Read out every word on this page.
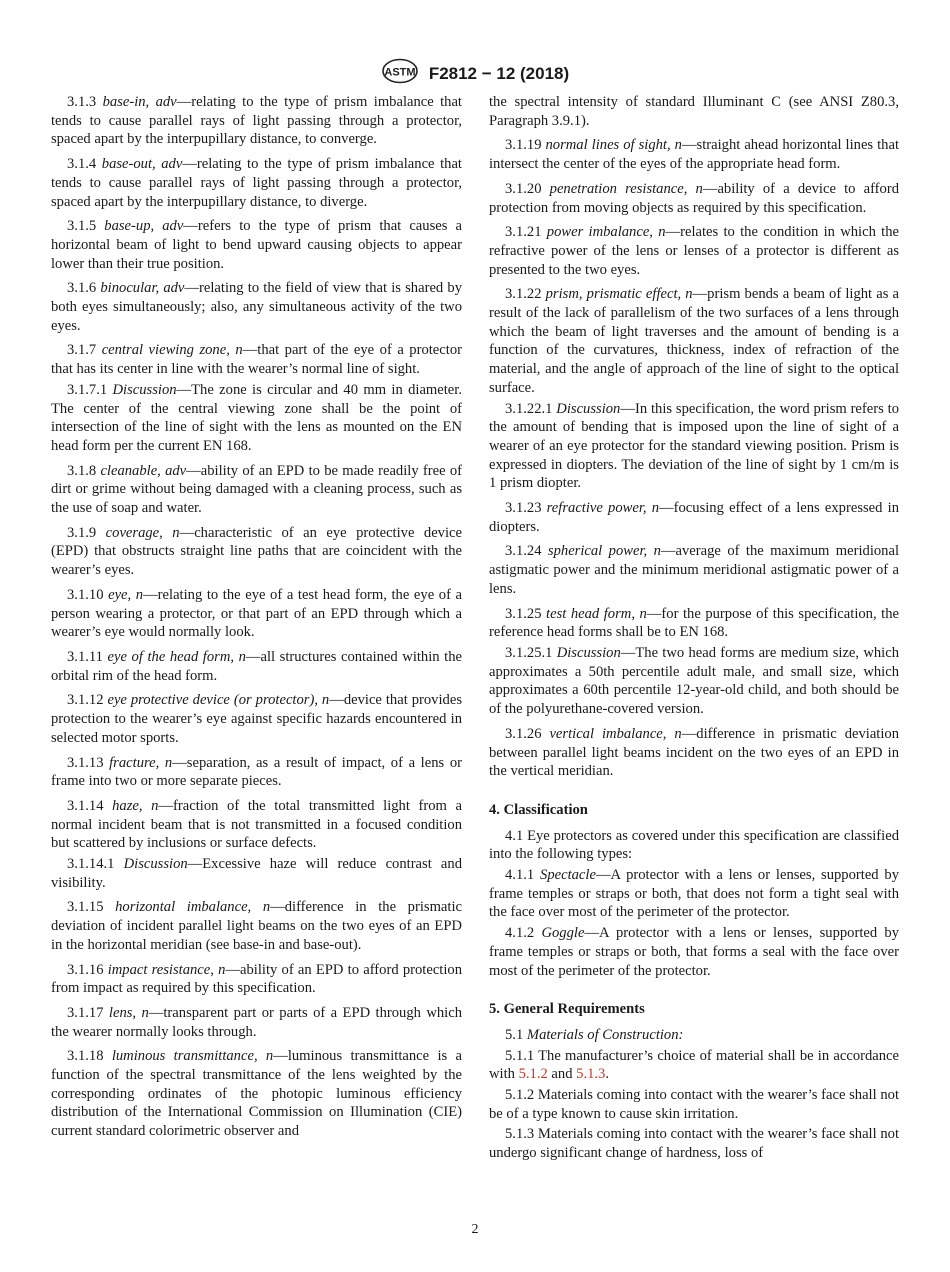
ASTM F2812 − 12 (2018)

3.1.3 base-in, adv—relating to the type of prism imbalance that tends to cause parallel rays of light passing through a protector, spaced apart by the interpupillary distance, to converge.

3.1.4 base-out, adv—relating to the type of prism imbalance that tends to cause parallel rays of light passing through a protector, spaced apart by the interpupillary distance, to diverge.

3.1.5 base-up, adv—refers to the type of prism that causes a horizontal beam of light to bend upward causing objects to appear lower than their true position.

3.1.6 binocular, adv—relating to the field of view that is shared by both eyes simultaneously; also, any simultaneous activity of the two eyes.

3.1.7 central viewing zone, n—that part of the eye of a protector that has its center in line with the wearer’s normal line of sight.

3.1.7.1 Discussion—The zone is circular and 40 mm in diameter. The center of the central viewing zone shall be the point of intersection of the line of sight with the lens as mounted on the EN head form per the current EN 168.

3.1.8 cleanable, adv—ability of an EPD to be made readily free of dirt or grime without being damaged with a cleaning process, such as the use of soap and water.

3.1.9 coverage, n—characteristic of an eye protective device (EPD) that obstructs straight line paths that are coincident with the wearer’s eyes.

3.1.10 eye, n—relating to the eye of a test head form, the eye of a person wearing a protector, or that part of an EPD through which a wearer’s eye would normally look.

3.1.11 eye of the head form, n—all structures contained within the orbital rim of the head form.

3.1.12 eye protective device (or protector), n—device that provides protection to the wearer’s eye against specific hazards encountered in selected motor sports.

3.1.13 fracture, n—separation, as a result of impact, of a lens or frame into two or more separate pieces.

3.1.14 haze, n—fraction of the total transmitted light from a normal incident beam that is not transmitted in a focused condition but scattered by inclusions or surface defects.

3.1.14.1 Discussion—Excessive haze will reduce contrast and visibility.

3.1.15 horizontal imbalance, n—difference in the prismatic deviation of incident parallel light beams on the two eyes of an EPD in the horizontal meridian (see base-in and base-out).

3.1.16 impact resistance, n—ability of an EPD to afford protection from impact as required by this specification.

3.1.17 lens, n—transparent part or parts of a EPD through which the wearer normally looks through.

3.1.18 luminous transmittance, n—luminous transmittance is a function of the spectral transmittance of the lens weighted by the corresponding ordinates of the photopic luminous efficiency distribution of the International Commission on Illumination (CIE) current standard colorimetric observer and

the spectral intensity of standard Illuminant C (see ANSI Z80.3, Paragraph 3.9.1).

3.1.19 normal lines of sight, n—straight ahead horizontal lines that intersect the center of the eyes of the appropriate head form.

3.1.20 penetration resistance, n—ability of a device to afford protection from moving objects as required by this specification.

3.1.21 power imbalance, n—relates to the condition in which the refractive power of the lens or lenses of a protector is different as presented to the two eyes.

3.1.22 prism, prismatic effect, n—prism bends a beam of light as a result of the lack of parallelism of the two surfaces of a lens through which the beam of light traverses and the amount of bending is a function of the curvatures, thickness, index of refraction of the material, and the angle of approach of the line of sight to the optical surface.

3.1.22.1 Discussion—In this specification, the word prism refers to the amount of bending that is imposed upon the line of sight of a wearer of an eye protector for the standard viewing position. Prism is expressed in diopters. The deviation of the line of sight by 1 cm/m is 1 prism diopter.

3.1.23 refractive power, n—focusing effect of a lens expressed in diopters.

3.1.24 spherical power, n—average of the maximum meridional astigmatic power and the minimum meridional astigmatic power of a lens.

3.1.25 test head form, n—for the purpose of this specification, the reference head forms shall be to EN 168.

3.1.25.1 Discussion—The two head forms are medium size, which approximates a 50th percentile adult male, and small size, which approximates a 60th percentile 12-year-old child, and both should be of the polyurethane-covered version.

3.1.26 vertical imbalance, n—difference in prismatic deviation between parallel light beams incident on the two eyes of an EPD in the vertical meridian.

4. Classification

4.1 Eye protectors as covered under this specification are classified into the following types:

4.1.1 Spectacle—A protector with a lens or lenses, supported by frame temples or straps or both, that does not form a tight seal with the face over most of the perimeter of the protector.

4.1.2 Goggle—A protector with a lens or lenses, supported by frame temples or straps or both, that forms a seal with the face over most of the perimeter of the protector.

5. General Requirements

5.1 Materials of Construction:

5.1.1 The manufacturer’s choice of material shall be in accordance with 5.1.2 and 5.1.3.

5.1.2 Materials coming into contact with the wearer’s face shall not be of a type known to cause skin irritation.

5.1.3 Materials coming into contact with the wearer’s face shall not undergo significant change of hardness, loss of

2
